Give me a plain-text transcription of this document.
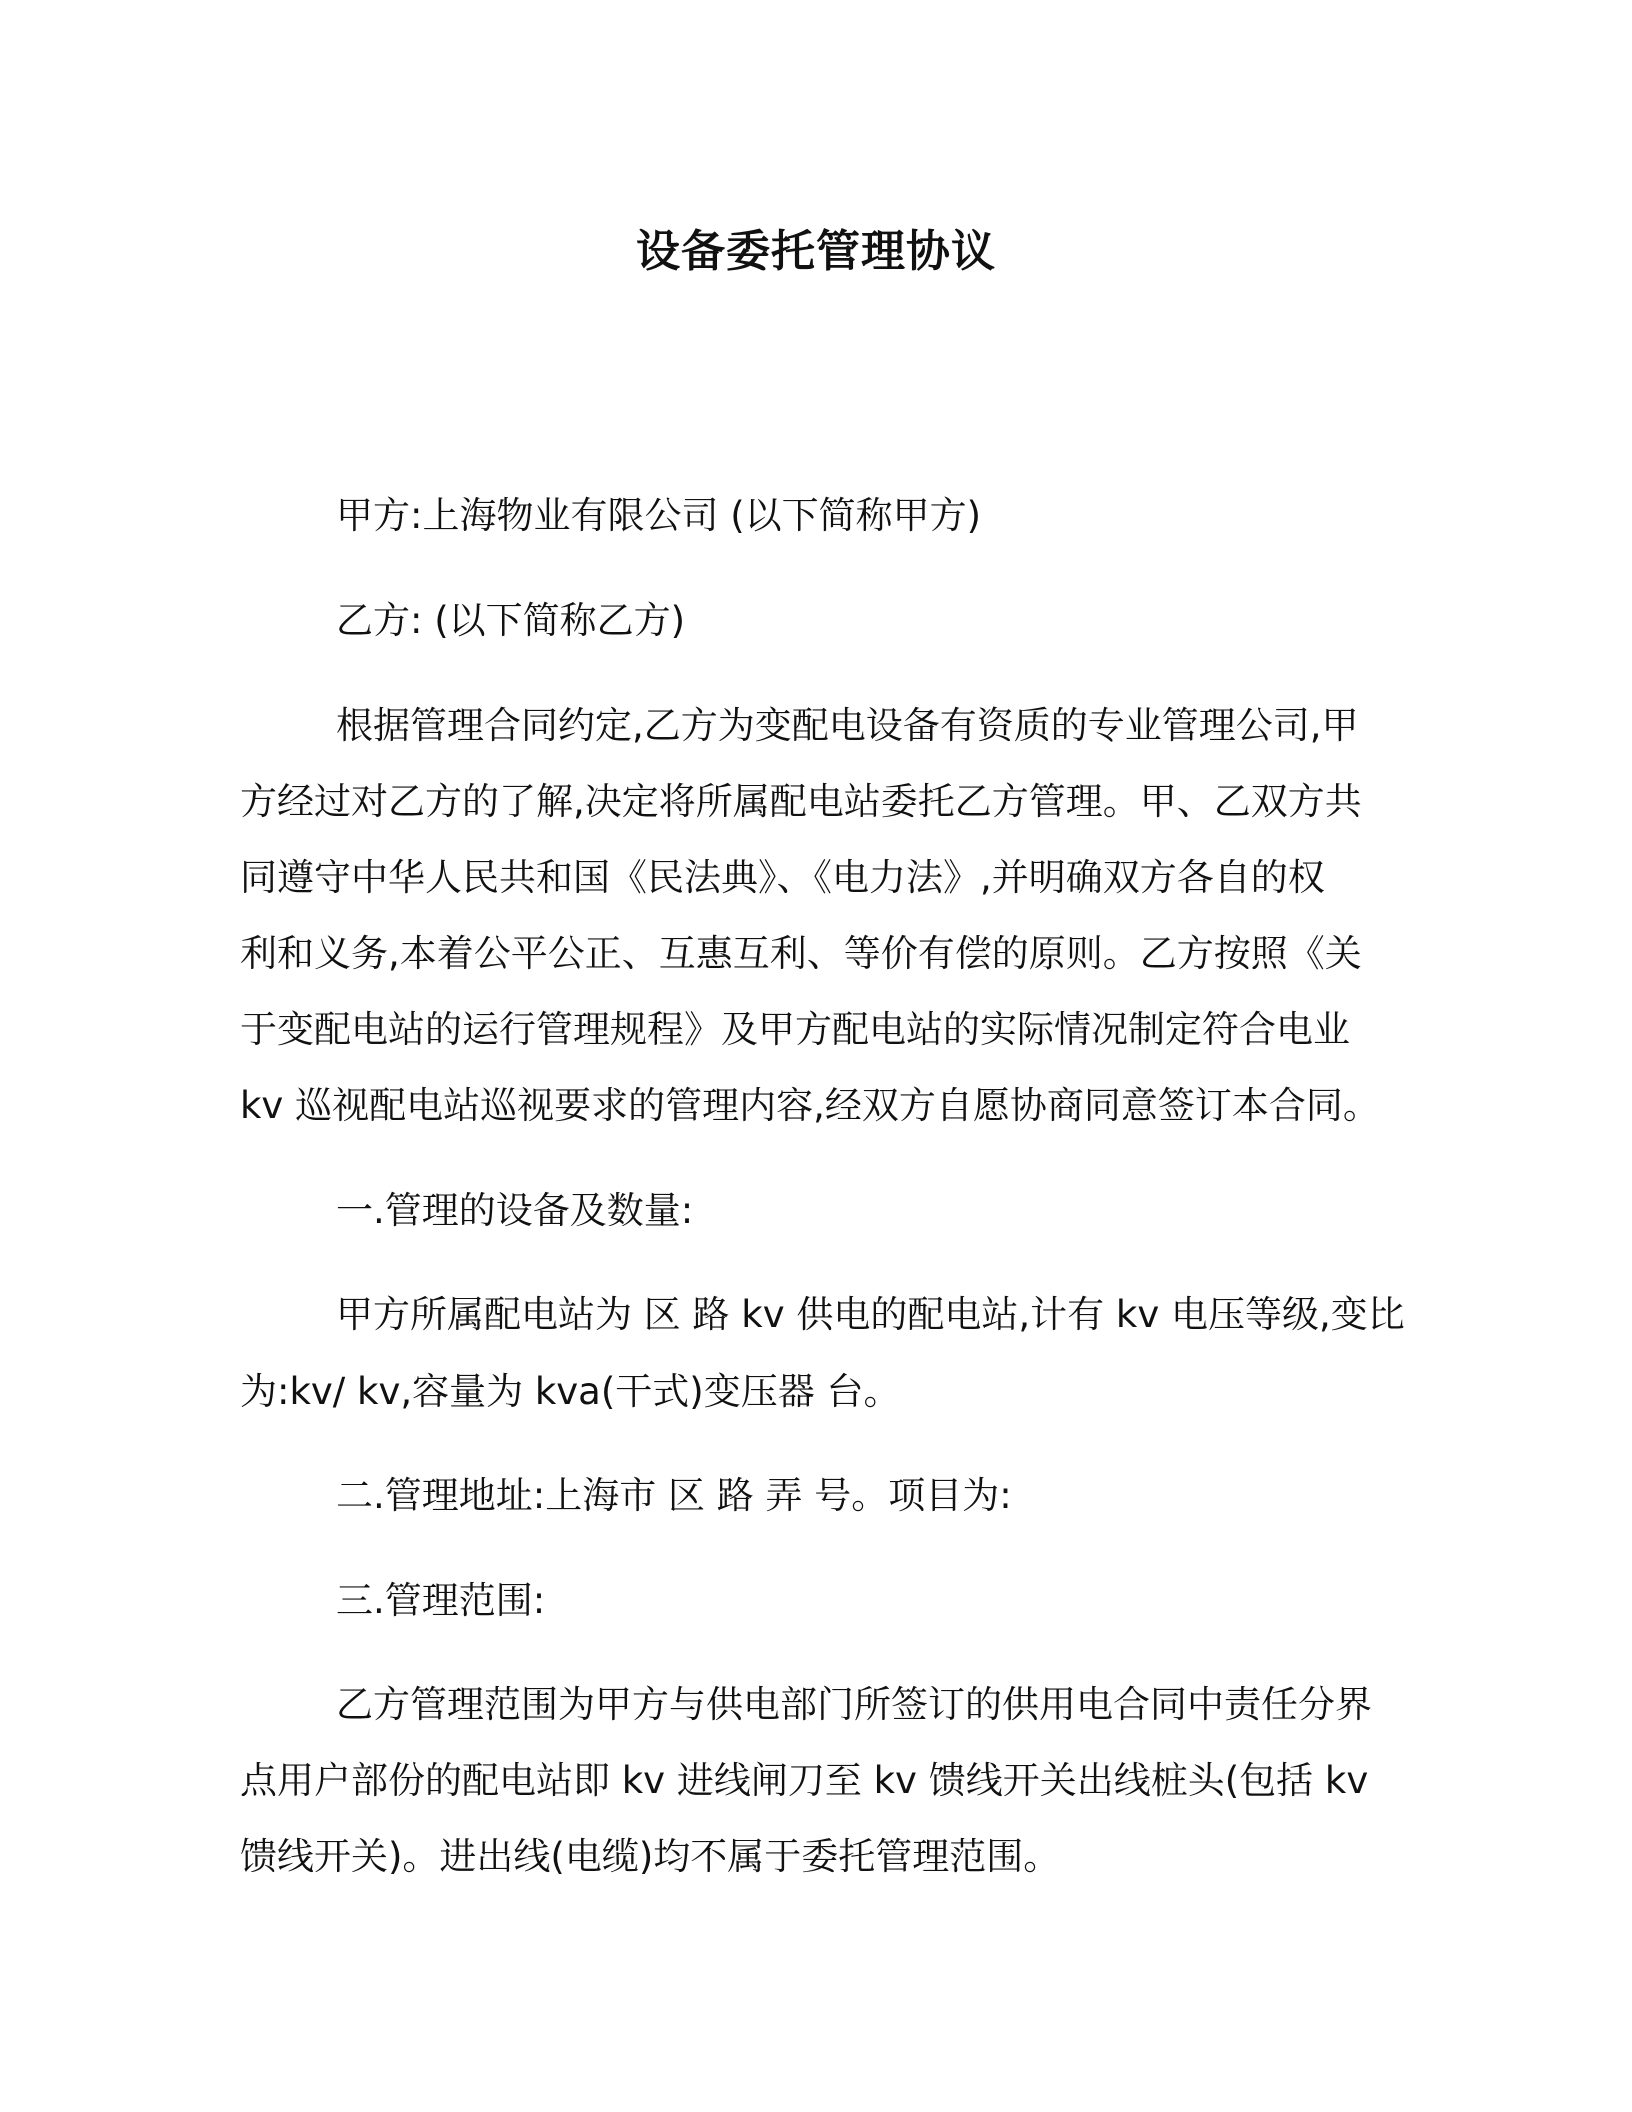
设备委托管理协议
甲方:上海物业有限公司 (以下简称甲方)
乙方: (以下简称乙方)
根据管理合同约定,乙方为变配电设备有资质的专业管理公司,甲
方经过对乙方的了解,决定将所属配电站委托乙方管理。甲、乙双方共
同遵守中华人民共和国《民法典》、《电力法》,并明确双方各自的权
利和义务,本着公平公正、互惠互利、等价有偿的原则。乙方按照《关
于变配电站的运行管理规程》及甲方配电站的实际情况制定符合电业
kv 巡视配电站巡视要求的管理内容,经双方自愿协商同意签订本合同。
一.管理的设备及数量:
甲方所属配电站为 区 路 kv 供电的配电站,计有 kv 电压等级,变比
为:kv/ kv,容量为 kva(干式)变压器 台。
二.管理地址:上海市 区 路 弄 号。项目为:
三.管理范围:
乙方管理范围为甲方与供电部门所签订的供用电合同中责任分界
点用户部份的配电站即 kv 进线闸刀至 kv 馈线开关出线桩头(包括 kv
馈线开关)。进出线(电缆)均不属于委托管理范围。
